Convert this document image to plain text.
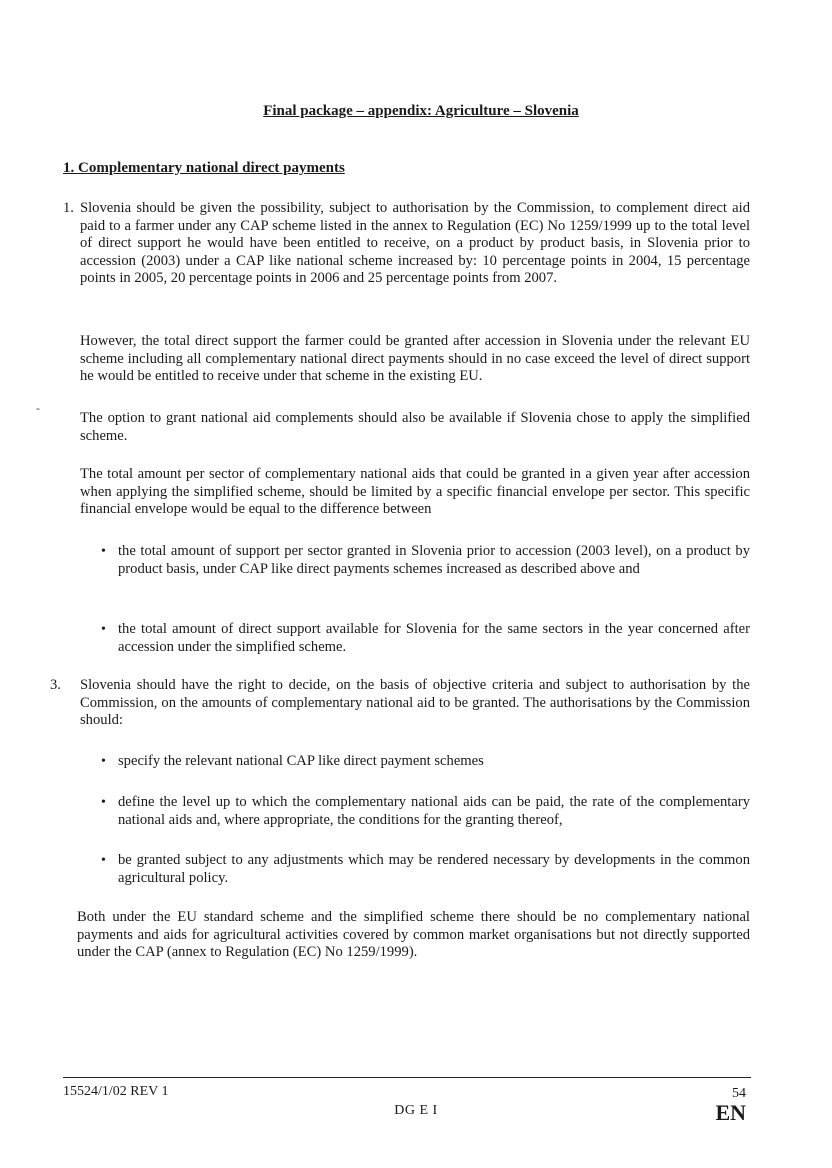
Final package – appendix: Agriculture – Slovenia
1. Complementary national direct payments
1. Slovenia should be given the possibility, subject to authorisation by the Commission, to complement direct aid paid to a farmer under any CAP scheme listed in the annex to Regulation (EC) No 1259/1999 up to the total level of direct support he would have been entitled to receive, on a product by product basis, in Slovenia prior to accession (2003) under a CAP like national scheme increased by: 10 percentage points in 2004, 15 percentage points in 2005, 20 percentage points in 2006 and 25 percentage points from 2007.
However, the total direct support the farmer could be granted after accession in Slovenia under the relevant EU scheme including all complementary national direct payments should in no case exceed the level of direct support he would be entitled to receive under that scheme in the existing EU.
-
The option to grant national aid complements should also be available if Slovenia chose to apply the simplified scheme.
The total amount per sector of complementary national aids that could be granted in a given year after accession when applying the simplified scheme, should be limited by a specific financial envelope per sector. This specific financial envelope would be equal to the difference between
• the total amount of support per sector granted in Slovenia prior to accession (2003 level), on a product by product basis, under CAP like direct payments schemes increased as described above and
• the total amount of direct support available for Slovenia for the same sectors in the year concerned after accession under the simplified scheme.
3. Slovenia should have the right to decide, on the basis of objective criteria and subject to authorisation by the Commission, on the amounts of complementary national aid to be granted. The authorisations by the Commission should:
• specify the relevant national CAP like direct payment schemes
• define the level up to which the complementary national aids can be paid, the rate of the complementary national aids and, where appropriate, the conditions for the granting thereof,
• be granted subject to any adjustments which may be rendered necessary by developments in the common agricultural policy.
Both under the EU standard scheme and the simplified scheme there should be no complementary national payments and aids for agricultural activities covered by common market organisations but not directly supported under the CAP (annex to Regulation (EC) No 1259/1999).
15524/1/02 REV 1	54
DG E I	EN
